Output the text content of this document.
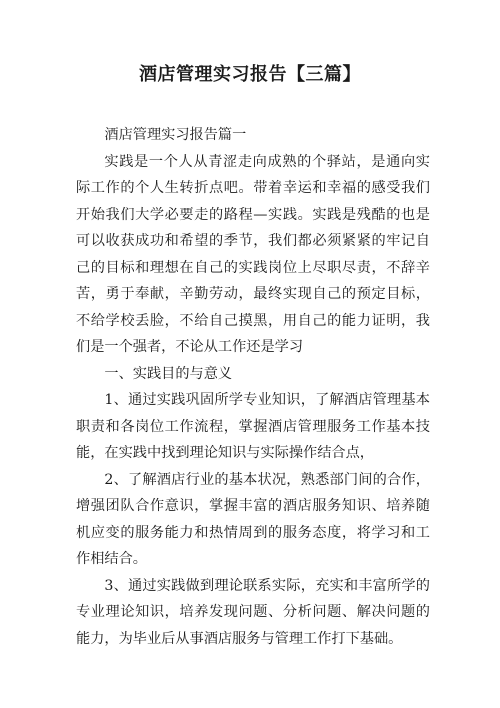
酒店管理实习报告【三篇】

酒店管理实习报告篇一

实践是一个人从青涩走向成熟的个驿站，是通向实际工作的个人生转折点吧。带着幸运和幸福的感受我们开始我们大学必要走的路程—实践。实践是残酷的也是可以收获成功和希望的季节，我们都必须紧紧的牢记自己的目标和理想在自己的实践岗位上尽职尽责，不辞辛苦，勇于奉献，辛勤劳动，最终实现自己的预定目标，不给学校丢脸，不给自己摸黑，用自己的能力证明，我们是一个强者，不论从工作还是学习

一、实践目的与意义

1、通过实践巩固所学专业知识，了解酒店管理基本职责和各岗位工作流程，掌握酒店管理服务工作基本技能，在实践中找到理论知识与实际操作结合点，

2、了解酒店行业的基本状况，熟悉部门间的合作，增强团队合作意识，掌握丰富的酒店服务知识、培养随机应变的服务能力和热情周到的服务态度，将学习和工作相结合。

3、通过实践做到理论联系实际，充实和丰富所学的专业理论知识，培养发现问题、分析问题、解决问题的能力，为毕业后从事酒店服务与管理工作打下基础。
